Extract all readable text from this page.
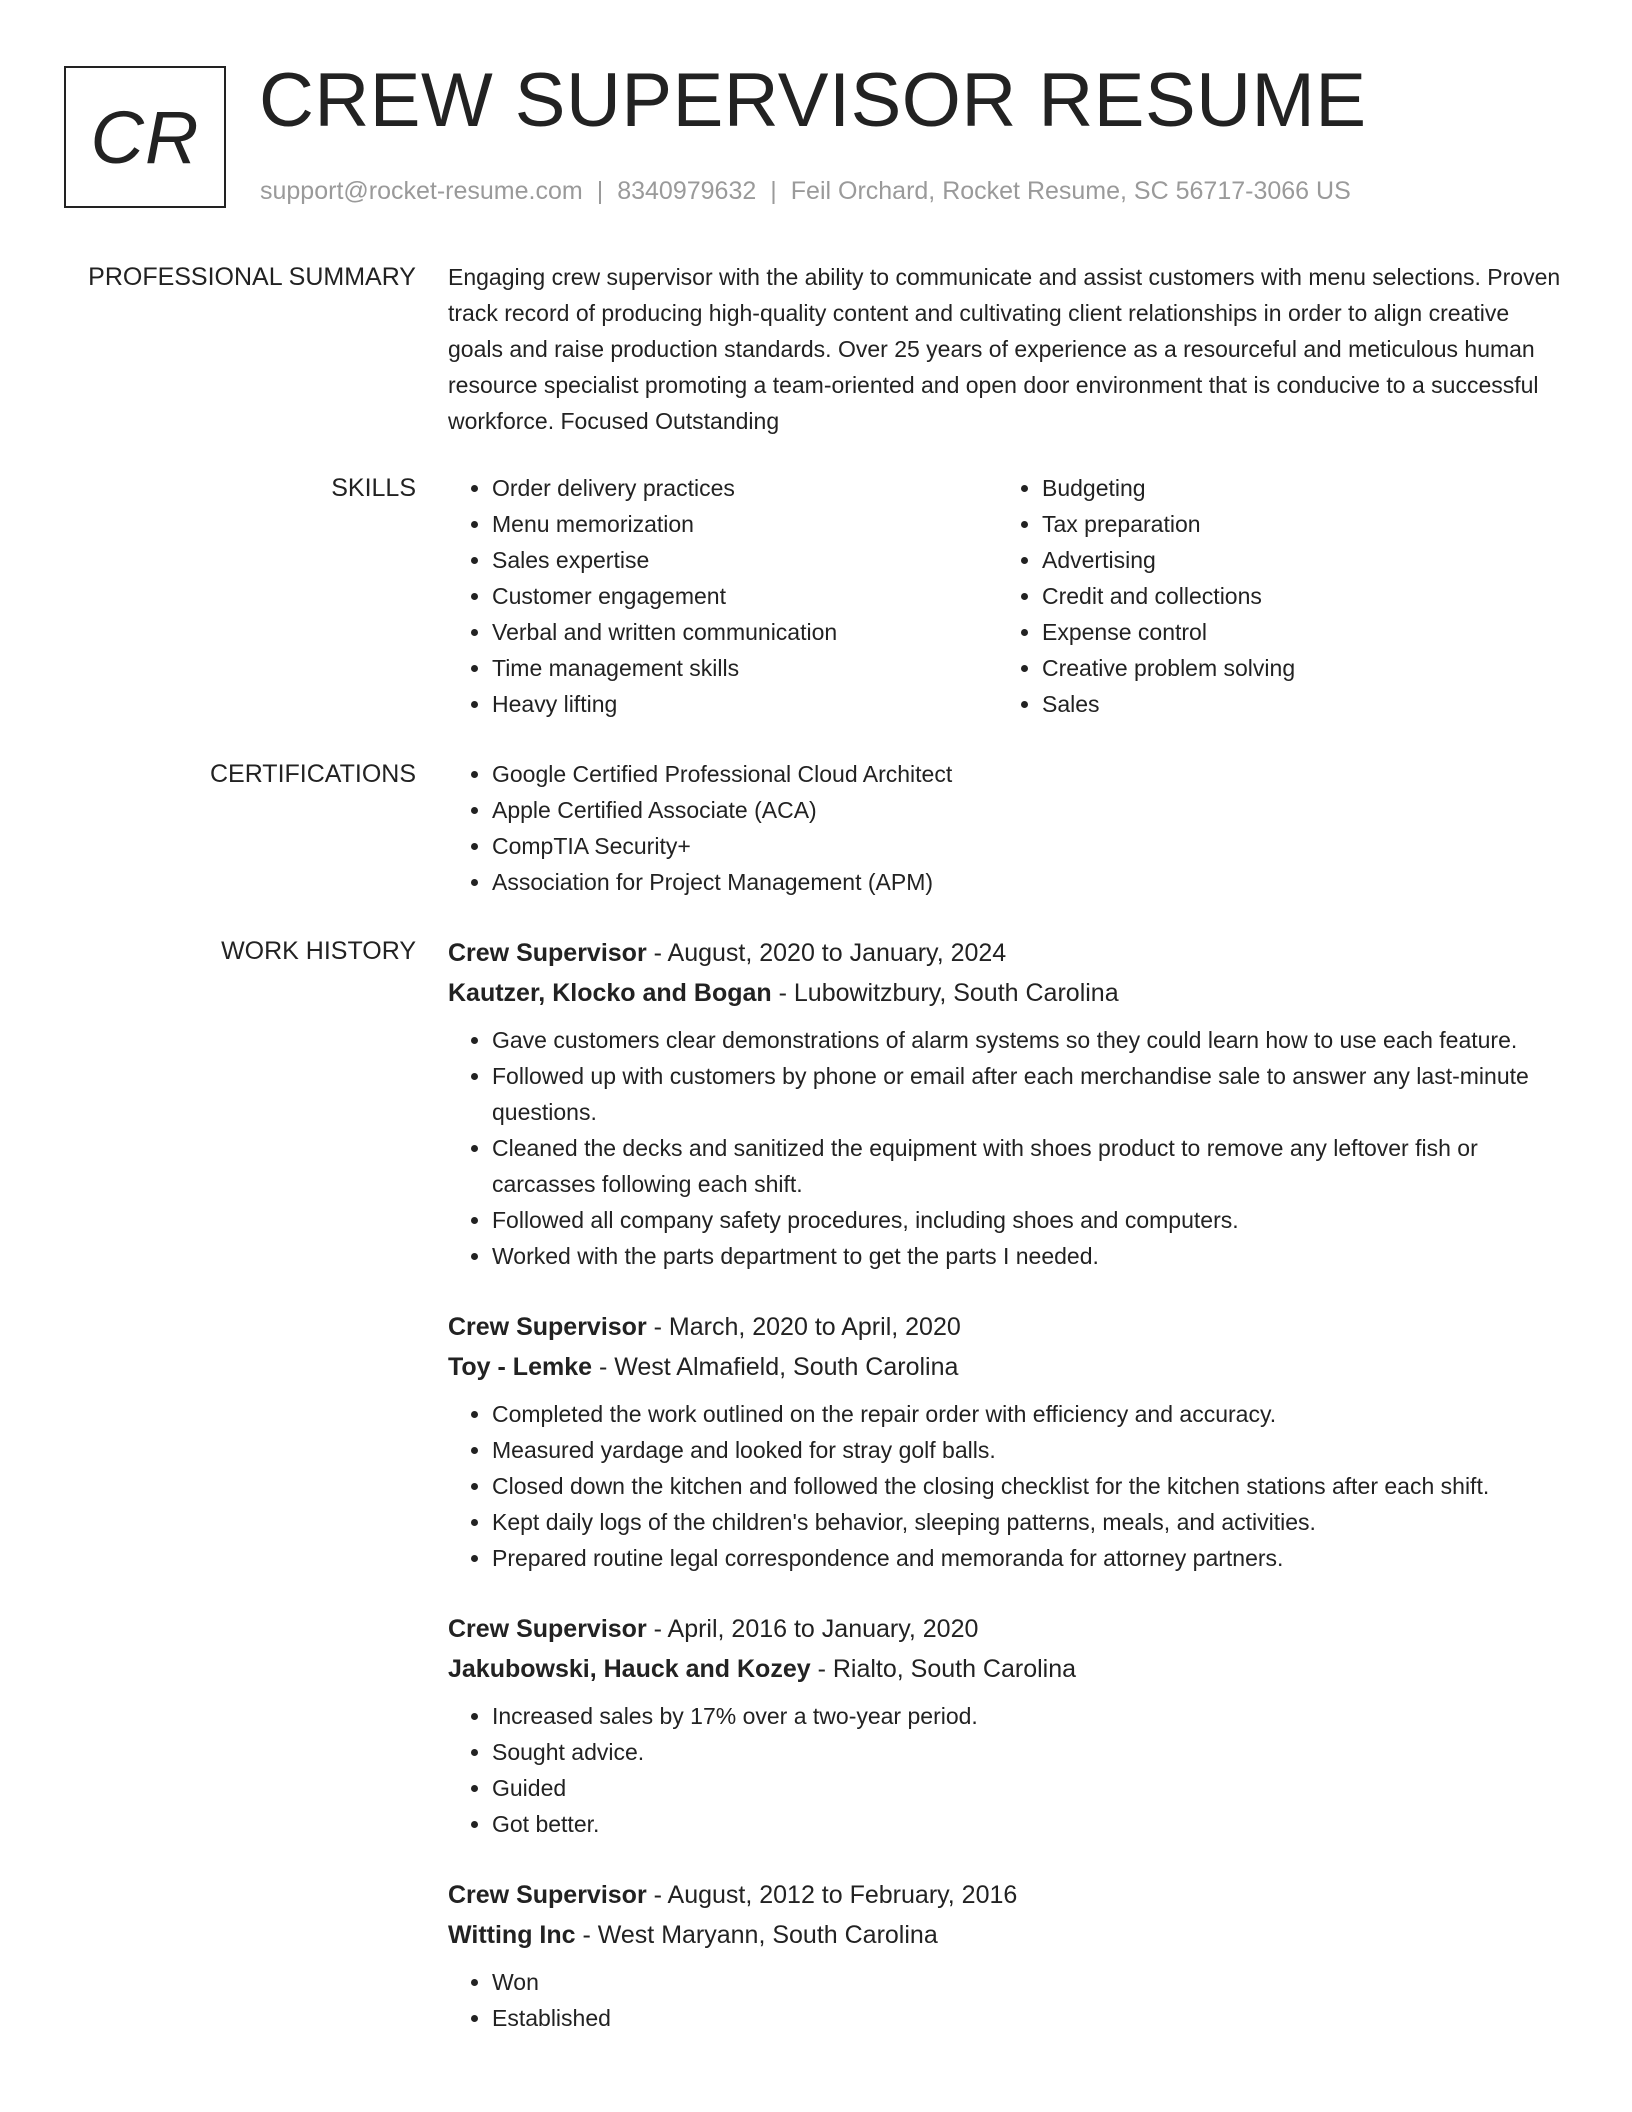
CR CREW SUPERVISOR RESUME
support@rocket-resume.com | 8340979632 | Feil Orchard, Rocket Resume, SC 56717-3066 US
PROFESSIONAL SUMMARY Engaging crew supervisor with the ability to communicate and assist customers with menu selections. Proven track record of producing high-quality content and cultivating client relationships in order to align creative goals and raise production standards. Over 25 years of experience as a resourceful and meticulous human resource specialist promoting a team-oriented and open door environment that is conducive to a successful workforce. Focused Outstanding

SKILLS	• Order delivery practices
• Menu memorization
• Sales expertise
• Customer engagement
• Verbal and written communication
• Time management skills
• Heavy lifting
• Budgeting
• Tax preparation
• Advertising
• Credit and collections
• Expense control
• Creative problem solving
• Sales
CERTIFICATIONS	• Google Certified Professional Cloud Architect
• Apple Certified Associate (ACA)
• CompTIA Security+
• Association for Project Management (APM)
WORK HISTORY Crew Supervisor - August, 2020 to January, 2024
Kautzer, Klocko and Bogan - Lubowitzbury, South Carolina
• Gave customers clear demonstrations of alarm systems so they could learn how to use each feature.
• Followed up with customers by phone or email after each merchandise sale to answer any last-minute questions.
• Cleaned the decks and sanitized the equipment with shoes product to remove any leftover fish or carcasses following each shift.
• Followed all company safety procedures, including shoes and computers.
• Worked with the parts department to get the parts I needed.
Crew Supervisor - March, 2020 to April, 2020
Toy - Lemke - West Almafield, South Carolina
• Completed the work outlined on the repair order with efficiency and accuracy.
• Measured yardage and looked for stray golf balls.
• Closed down the kitchen and followed the closing checklist for the kitchen stations after each shift.
• Kept daily logs of the children's behavior, sleeping patterns, meals, and activities.
• Prepared routine legal correspondence and memoranda for attorney partners.
Crew Supervisor - April, 2016 to January, 2020
Jakubowski, Hauck and Kozey - Rialto, South Carolina
• Increased sales by 17% over a two-year period.
• Sought advice.
• Guided
• Got better.
Crew Supervisor - August, 2012 to February, 2016
Witting Inc - West Maryann, South Carolina
• Won
• Established
